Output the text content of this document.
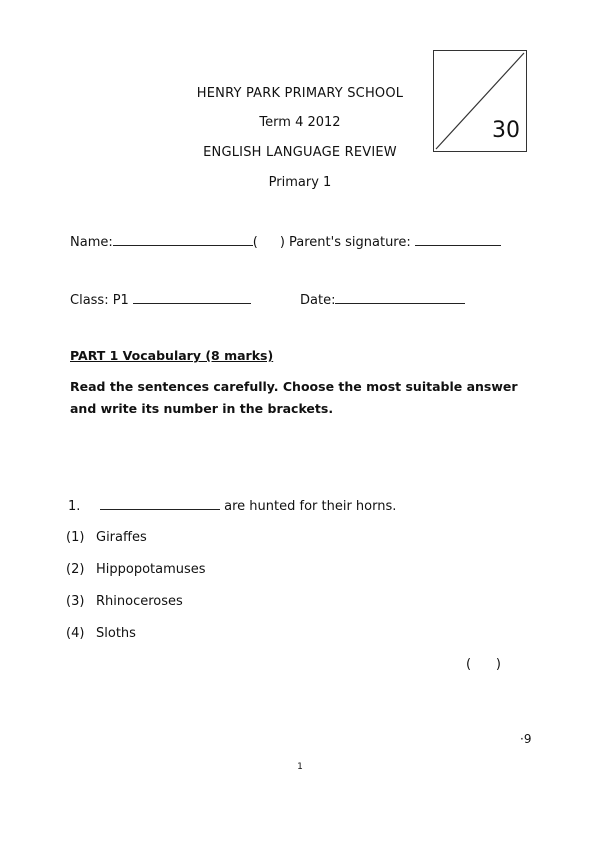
HENRY PARK PRIMARY SCHOOL
Term 4 2012
ENGLISH LANGUAGE REVIEW
Primary 1
30
Name:	( ) Parent's signature:
Class: P1	Date:
PART 1 Vocabulary (8 marks)
Read the sentences carefully. Choose the most suitable answer
and write its number in the brackets.
1.	are hunted for their horns.
(1) Giraffes
(2) Hippopotamuses
(3) Rhinoceroses
(4) Sloths
(      )
·9
1
